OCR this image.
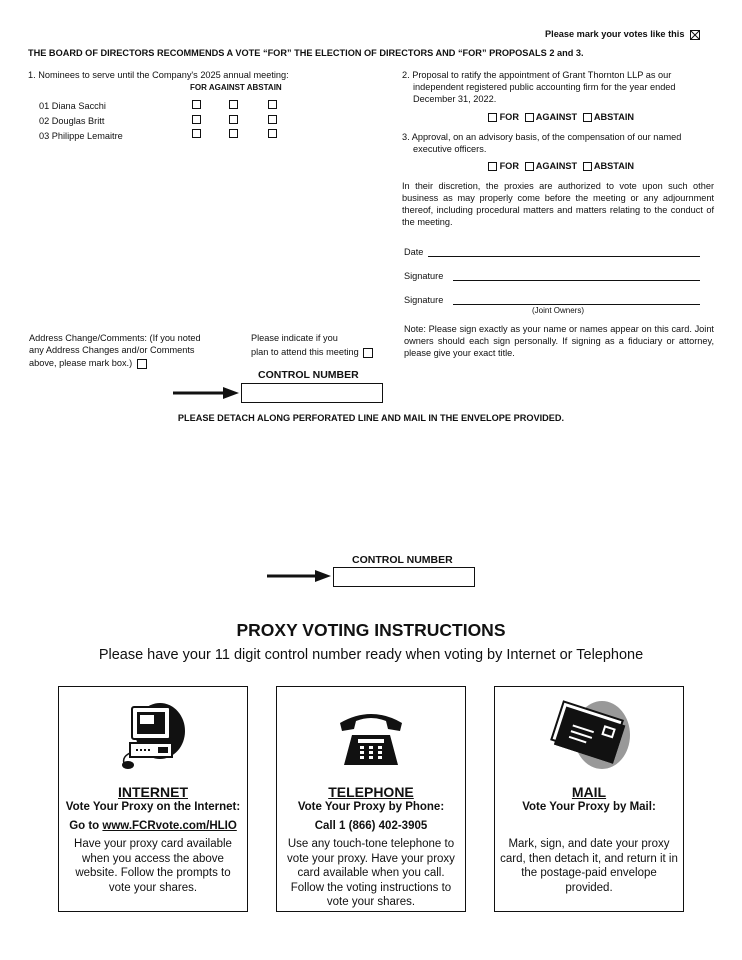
Please mark your votes like this
THE BOARD OF DIRECTORS RECOMMENDS A VOTE “FOR” THE ELECTION OF DIRECTORS AND “FOR” PROPOSALS 2 and 3.
1. Nominees to serve until the Company's 2025 annual meeting:
FOR AGAINST ABSTAIN
01 Diana Sacchi
02 Douglas Britt
03 Philippe Lemaitre
2. Proposal to ratify the appointment of Grant Thornton LLP as our
independent registered public accounting firm for the year ended
December 31, 2022.
FOR AGAINST ABSTAIN
3. Approval, on an advisory basis, of the compensation of our named
executive officers.
FOR AGAINST ABSTAIN
In their discretion, the proxies are authorized to vote upon such other business as may properly come before the meeting or any adjournment thereof, including procedural matters and matters relating to the conduct of the meeting.
Date
Signature
Signature
(Joint Owners)
Note: Please sign exactly as your name or names appear on this card. Joint owners should each sign personally. If signing as a fiduciary or attorney, please give your exact title.
Address Change/Comments: (If you noted
any Address Changes and/or Comments
above, please mark box.)
Please indicate if you
plan to attend this meeting
CONTROL NUMBER
PLEASE DETACH ALONG PERFORATED LINE AND MAIL IN THE ENVELOPE PROVIDED.
CONTROL NUMBER
PROXY VOTING INSTRUCTIONS
Please have your 11 digit control number ready when voting by Internet or Telephone
INTERNET
Vote Your Proxy on the Internet:
Go to www.FCRvote.com/HLIO
Have your proxy card available when you access the above website. Follow the prompts to vote your shares.
TELEPHONE
Vote Your Proxy by Phone:
Call 1 (866) 402-3905
Use any touch-tone telephone to vote your proxy. Have your proxy card available when you call. Follow the voting instructions to vote your shares.
MAIL
Vote Your Proxy by Mail:
Mark, sign, and date your proxy card, then detach it, and return it in the postage-paid envelope provided.
